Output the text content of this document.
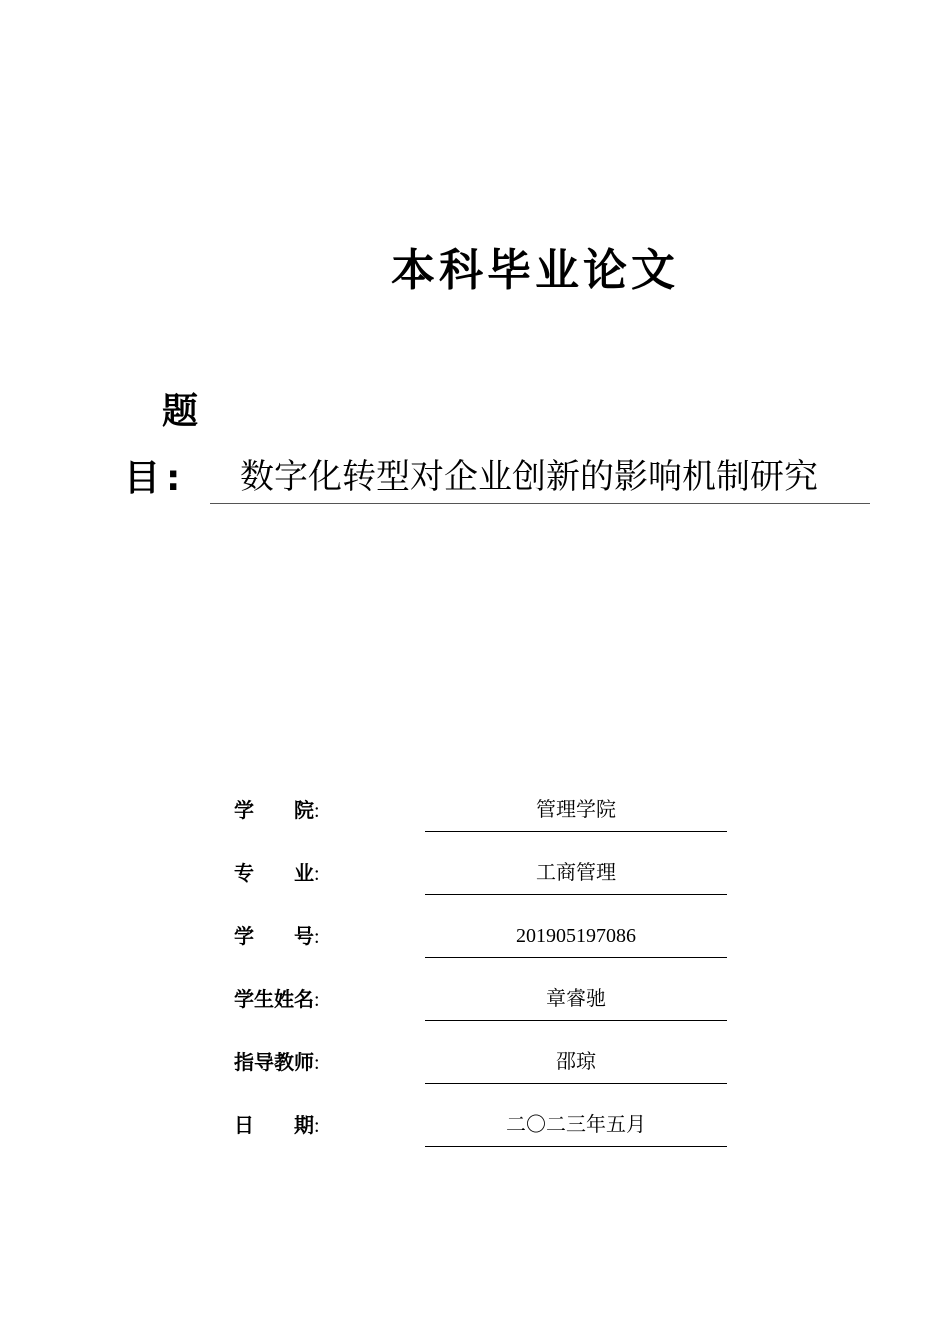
本科毕业论文
题
目: 数字化转型对企业创新的影响机制研究
学　　院:	管理学院
专　　业:	工商管理
学　　号:	201905197086
学生姓名:	章睿驰
指导教师:	邵琼
日　　期:	二〇二三年五月
